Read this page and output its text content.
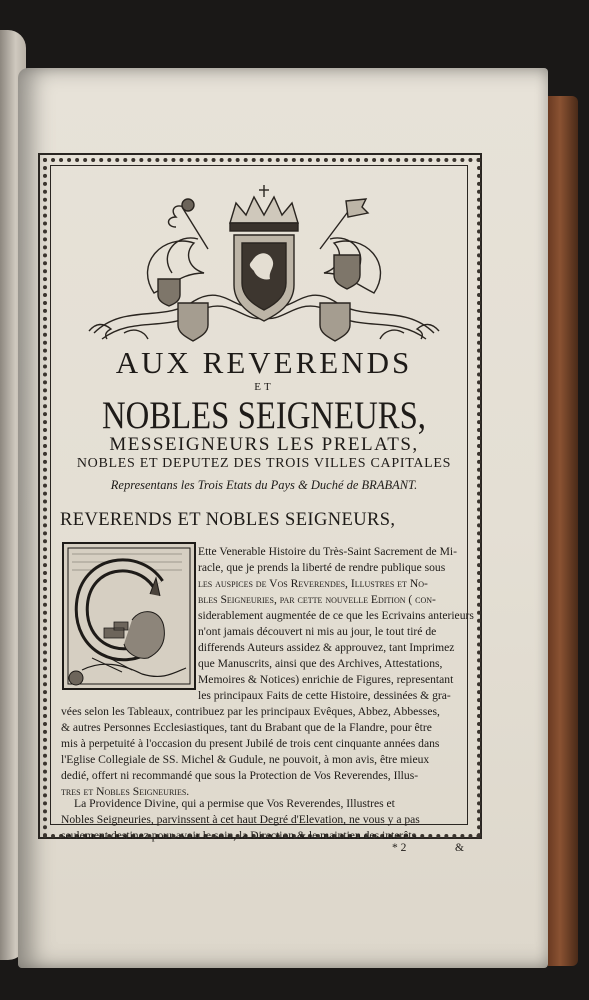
AUX REVERENDS
ET
NOBLES SEIGNEURS,
MESSEIGNEURS LES PRELATS,
NOBLES ET DEPUTEZ DES TROIS VILLES CAPITALES
Representans les Trois Etats du Pays & Duché de BRABANT.
REVERENDS ET NOBLES SEIGNEURS,
Ette Venerable Histoire du Très-Saint Sacrement de Mi-
racle, que je prends la liberté de rendre publique sous
les auspices de Vos Reverendes, Illustres et No-
bles Seigneuries, par cette nouvelle Edition ( con-
siderablement augmentée de ce que les Ecrivains anterieurs
n'ont jamais découvert ni mis au jour, le tout tiré de
differends Auteurs assidez & approuvez, tant Imprimez
que Manuscrits, ainsi que des Archives, Attestations,
Memoires & Notices) enrichie de Figures, representant
les principaux Faits de cette Histoire, dessinées & gra-
vées selon les Tableaux, contribuez par les principaux Evêques, Abbez, Abbesses,
& autres Personnes Ecclesiastiques, tant du Brabant que de la Flandre, pour être
mis à perpetuité à l'occasion du present Jubilé de trois cent cinquante années dans
l'Eglise Collegiale de SS. Michel & Gudule, ne pouvoit, à mon avis, être mieux
dedié, offert ni recommandé que sous la Protection de Vos Reverendes, Illus-
tres et Nobles Seigneuries.
La Providence Divine, qui a permise que Vos Reverendes, Illustres et
Nobles Seigneuries, parvinssent à cet haut Degré d'Elevation, ne vous y a pas
seulement destinez pour avoir le soin, la Direction & le maintien des interêts
* 2	&
